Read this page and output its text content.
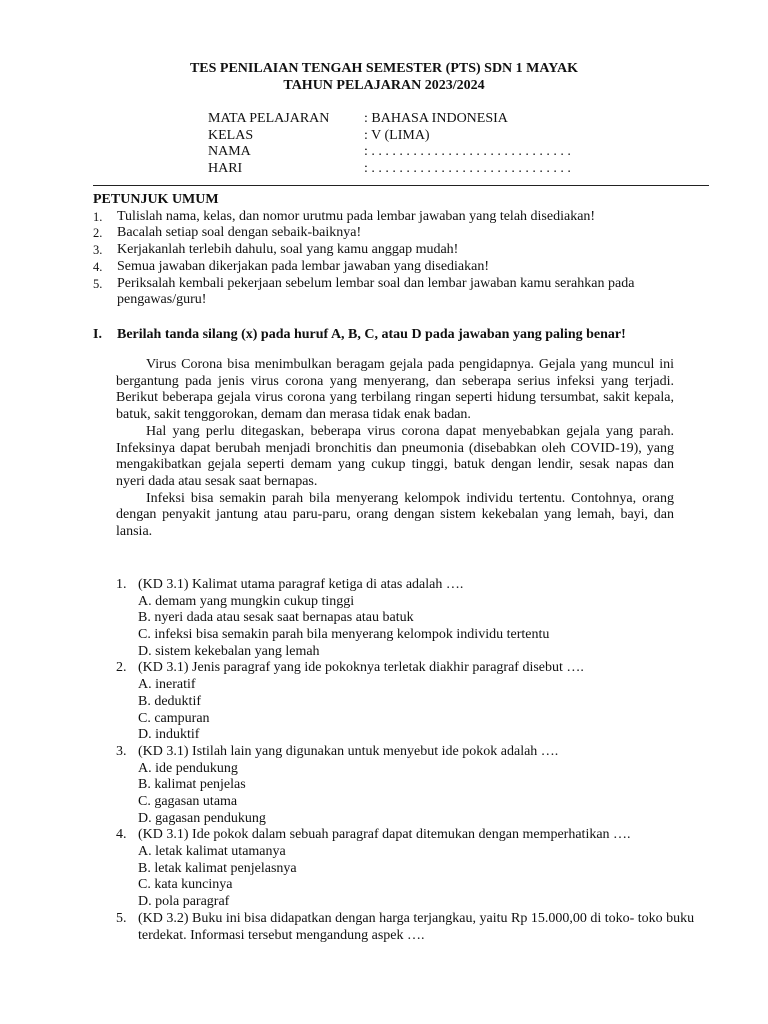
TES PENILAIAN TENGAH SEMESTER (PTS) SDN 1 MAYAK
TAHUN PELAJARAN 2023/2024
MATA PELAJARAN	: BAHASA INDONESIA
KELAS	: V (LIMA)
NAMA	: . . . . . . . . . . . . . . . . . . . . . . . . . . . . .
HARI	: . . . . . . . . . . . . . . . . . . . . . . . . . . . . .
PETUNJUK UMUM
1.	Tulislah nama, kelas, dan nomor urutmu pada lembar jawaban yang telah disediakan!
2.	Bacalah setiap soal dengan sebaik-baiknya!
3.	Kerjakanlah terlebih dahulu, soal yang kamu anggap mudah!
4.	Semua jawaban dikerjakan pada lembar jawaban yang disediakan!
5.	Periksalah kembali pekerjaan sebelum lembar soal dan lembar jawaban kamu serahkan pada pengawas/guru!
I.	Berilah tanda silang (x) pada huruf A, B, C, atau D pada jawaban yang paling benar!

Virus Corona bisa menimbulkan beragam gejala pada pengidapnya. Gejala yang muncul ini bergantung pada jenis virus corona yang menyerang, dan seberapa serius infeksi yang terjadi. Berikut beberapa gejala virus corona yang terbilang ringan seperti hidung tersumbat, sakit kepala, batuk, sakit tenggorokan, demam dan merasa tidak enak badan.

Hal yang perlu ditegaskan, beberapa virus corona dapat menyebabkan gejala yang parah. Infeksinya dapat berubah menjadi bronchitis dan pneumonia (disebabkan oleh COVID-19), yang mengakibatkan gejala seperti demam yang cukup tinggi, batuk dengan lendir, sesak napas dan nyeri dada atau sesak saat bernapas.

Infeksi bisa semakin parah bila menyerang kelompok individu tertentu. Contohnya, orang dengan penyakit jantung atau paru-paru, orang dengan sistem kekebalan yang lemah, bayi, dan lansia.

1. (KD 3.1) Kalimat utama paragraf ketiga di atas adalah ….
A. demam yang mungkin cukup tinggi
B. nyeri dada atau sesak saat bernapas atau batuk
C. infeksi bisa semakin parah bila menyerang kelompok individu tertentu
D. sistem kekebalan yang lemah
2. (KD 3.1) Jenis paragraf yang ide pokoknya terletak diakhir paragraf disebut ….
A. ineratif
B. deduktif
C. campuran
D. induktif
3. (KD 3.1) Istilah lain yang digunakan untuk menyebut ide pokok adalah ….
A. ide pendukung
B. kalimat penjelas
C. gagasan utama
D. gagasan pendukung
4. (KD 3.1) Ide pokok dalam sebuah paragraf dapat ditemukan dengan memperhatikan ….
A. letak kalimat utamanya
B. letak kalimat penjelasnya
C. kata kuncinya
D. pola paragraf
5. (KD 3.2) Buku ini bisa didapatkan dengan harga terjangkau, yaitu Rp 15.000,00 di toko- toko buku terdekat. Informasi tersebut mengandung aspek ….
